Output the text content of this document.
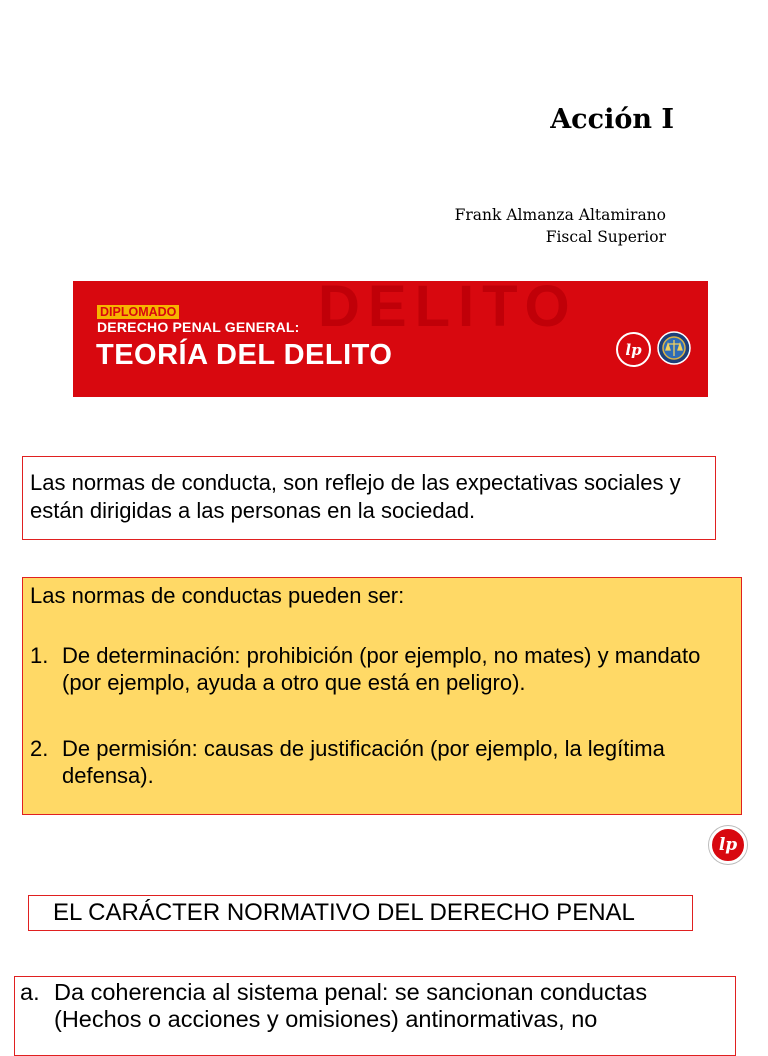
Acción I
Frank Almanza Altamirano
Fiscal Superior
DELITO
DIPLOMADO
DERECHO PENAL GENERAL:
TEORÍA DEL DELITO	lp
Las normas de conducta, son reflejo de las expectativas sociales y están dirigidas a las personas en la sociedad.

Las normas de conductas pueden ser:

1. De determinación: prohibición (por ejemplo, no mates) y mandato (por ejemplo, ayuda a otro que está en peligro).
2. De permisión: causas de justificación (por ejemplo, la legítima defensa).
lp
EL CARÁCTER NORMATIVO DEL DERECHO PENAL
a. Da coherencia al sistema penal: se sancionan conductas (Hechos o acciones y omisiones) antinormativas, no
